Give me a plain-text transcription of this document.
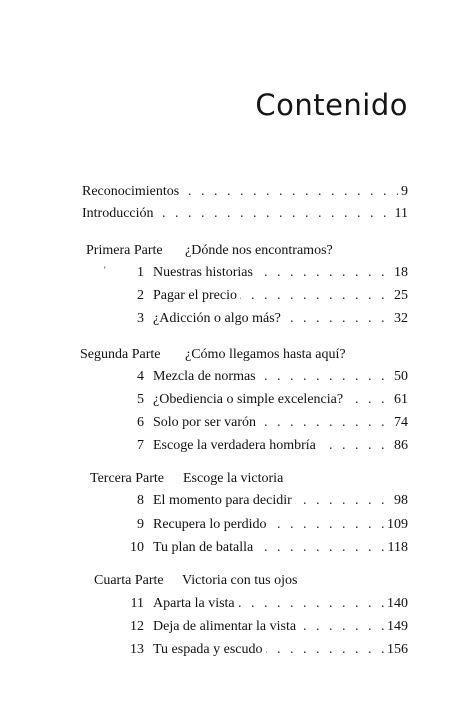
Contenido
. . .
Reconocimientos	9
. . .
Introducción	11
Primera Parte ¿Dónde nos encontramos?
' . . .	1 Nuestras historias	18
. . .
2 Pagar el precio	25
. . .
3 ¿Adicción o algo más?	32
Segunda Parte ¿Cómo llegamos hasta aquí?
. . .
4 Mezcla de normas	50
. . .
5 ¿Obediencia o simple excelencia?	61
. . .
6 Solo por ser varón	74
. . .
7 Escoge la verdadera hombría	86
Tercera Parte Escoge la victoria
. . .
8 El momento para decidir	98
. . .
9 Recupera lo perdido	109
. . .
10 Tu plan de batalla	118
Cuarta Parte Victoria con tus ojos
. . .
11 Aparta la vista	140
. . .
12 Deja de alimentar la vista	149
. . .
13 Tu espada y escudo	156
